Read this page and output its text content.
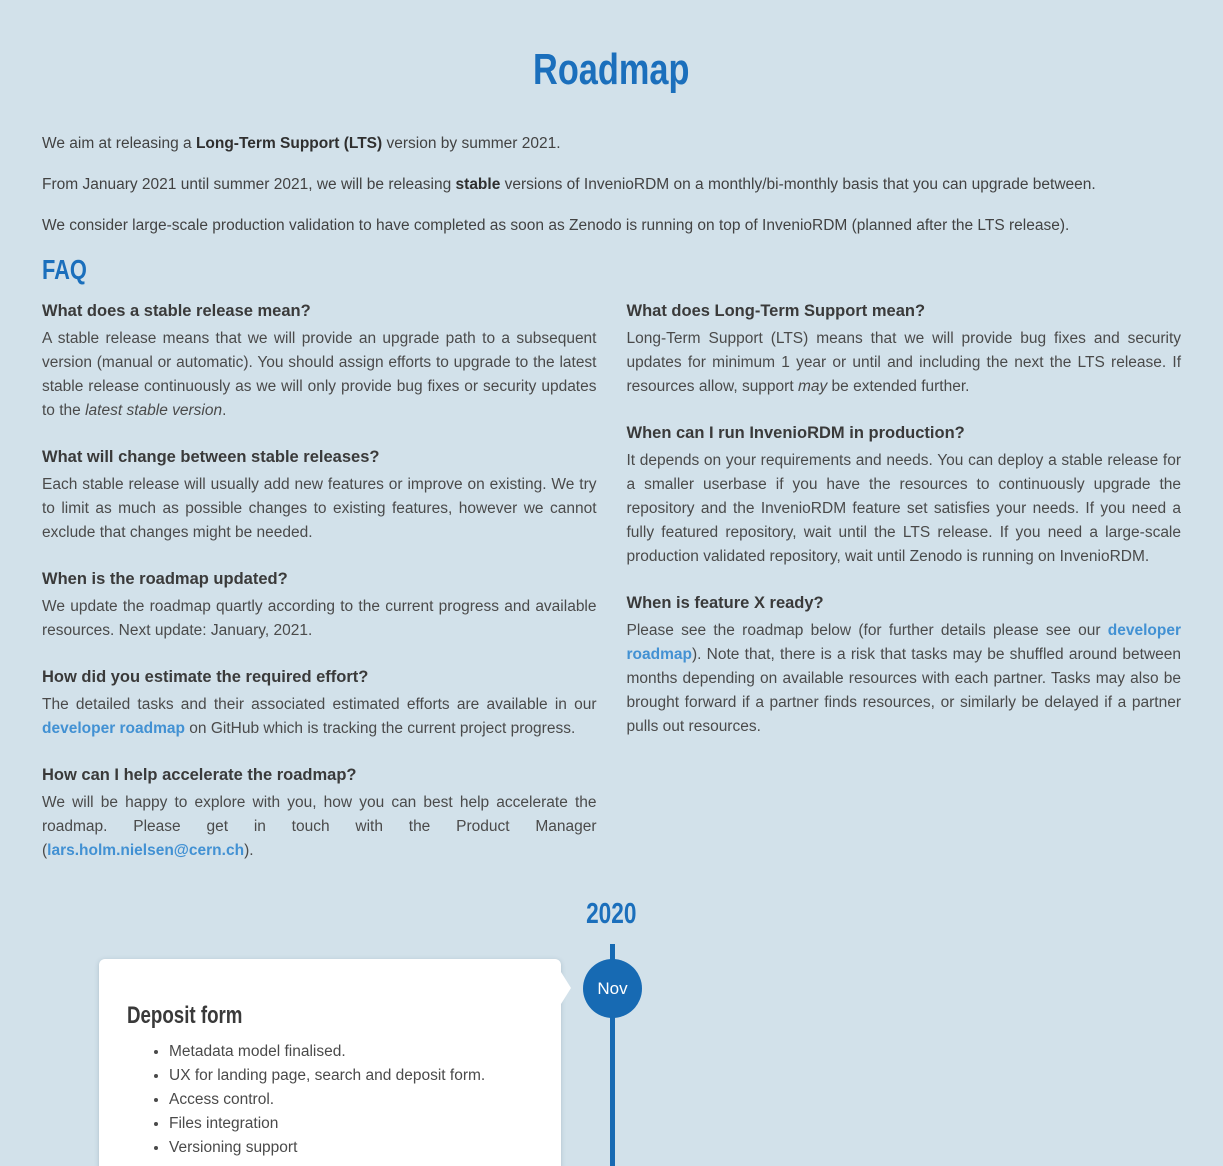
Roadmap

We aim at releasing a Long-Term Support (LTS) version by summer 2021.

From January 2021 until summer 2021, we will be releasing stable versions of InvenioRDM on a monthly/bi-monthly basis that you can upgrade between.

We consider large-scale production validation to have completed as soon as Zenodo is running on top of InvenioRDM (planned after the LTS release).

FAQ
What does a stable release mean?

A stable release means that we will provide an upgrade path to a subsequent version (manual or automatic). You should assign efforts to upgrade to the latest stable release continuously as we will only provide bug fixes or security updates to the latest stable version.

What will change between stable releases?

Each stable release will usually add new features or improve on existing. We try to limit as much as possible changes to existing features, however we cannot exclude that changes might be needed.

When is the roadmap updated?

We update the roadmap quartly according to the current progress and available resources. Next update: January, 2021.

How did you estimate the required effort?

The detailed tasks and their associated estimated efforts are available in our developer roadmap on GitHub which is tracking the current project progress.

How can I help accelerate the roadmap?

We will be happy to explore with you, how you can best help accelerate the roadmap. Please get in touch with the Product Manager (lars.holm.nielsen@cern.ch).

What does Long-Term Support mean?

Long-Term Support (LTS) means that we will provide bug fixes and security updates for minimum 1 year or until and including the next the LTS release. If resources allow, support may be extended further.

When can I run InvenioRDM in production?

It depends on your requirements and needs. You can deploy a stable release for a smaller userbase if you have the resources to continuously upgrade the repository and the InvenioRDM feature set satisfies your needs. If you need a fully featured repository, wait until the LTS release. If you need a large-scale production validated repository, wait until Zenodo is running on InvenioRDM.

When is feature X ready?

Please see the roadmap below (for further details please see our developer roadmap). Note that, there is a risk that tasks may be shuffled around between months depending on available resources with each partner. Tasks may also be brought forward if a partner finds resources, or similarly be delayed if a partner pulls out resources.

2020
Nov
Deposit form
• Metadata model finalised.
• UX for landing page, search and deposit form.
• Access control.
• Files integration
• Versioning support
